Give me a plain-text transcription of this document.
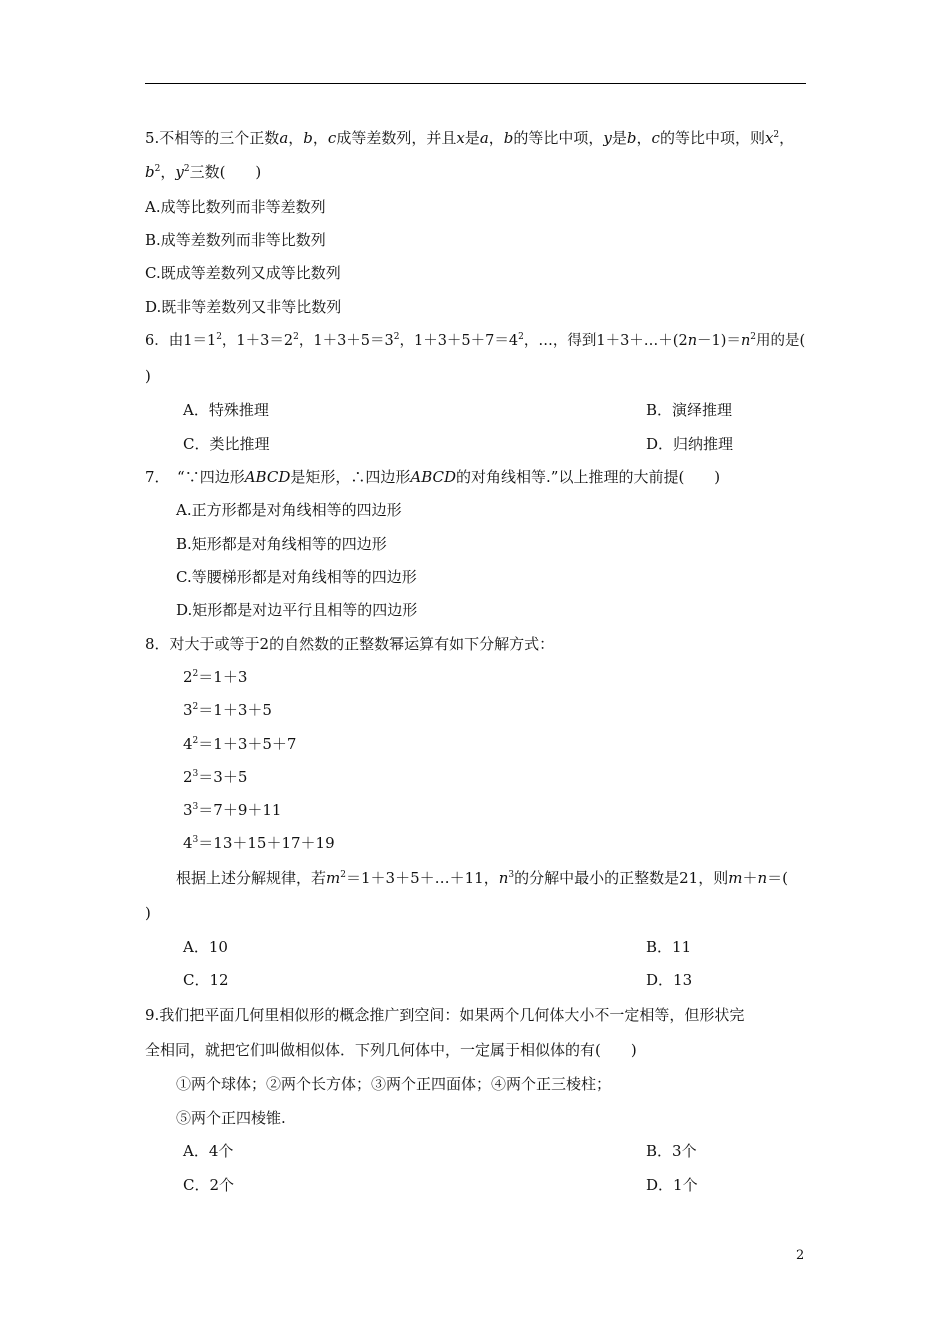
5.不相等的三个正数a，b，c成等差数列，并且x是a，b的等比中项，y是b，c的等比中项，则$x^2$，
$b^2$，$y^2$三数(　　)
A.成等比数列而非等差数列
B.成等差数列而非等比数列
C.既成等差数列又成等比数列
D.既非等差数列又非等比数列
6．由$1=1^2$，$1+3=2^2$，$1+3+5=3^2$，$1+3+5+7=4^2$，…，得到$1+3+\dots+(2n-1)=n^2$用的是(
)
A．特殊推理	B．演绎推理
C．类比推理	D．归纳推理
7．　“∵四边形ABCD是矩形，∴四边形ABCD的对角线相等.”以上推理的大前提(　　)
A.正方形都是对角线相等的四边形
B.矩形都是对角线相等的四边形
C.等腰梯形都是对角线相等的四边形
D.矩形都是对边平行且相等的四边形
8．对大于或等于2的自然数的正整数幂运算有如下分解方式：
$2^2=1+3$
$3^2=1+3+5$
$4^2=1+3+5+7$
$2^3=3+5$
$3^3=7+9+11$
$4^3=13+15+17+19$
根据上述分解规律，若$m^2=1+3+5+\dots+11$，$n^3$的分解中最小的正整数是21，则m＋n＝(
)
A．10	B．11
C．12	D．13
9.我们把平面几何里相似形的概念推广到空间：如果两个几何体大小不一定相等，但形状完
全相同，就把它们叫做相似体．下列几何体中，一定属于相似体的有(　　)
①两个球体；②两个长方体；③两个正四面体；④两个正三棱柱；
⑤两个正四棱锥.
A．4个	B．3个
C．2个	D．1个
2
